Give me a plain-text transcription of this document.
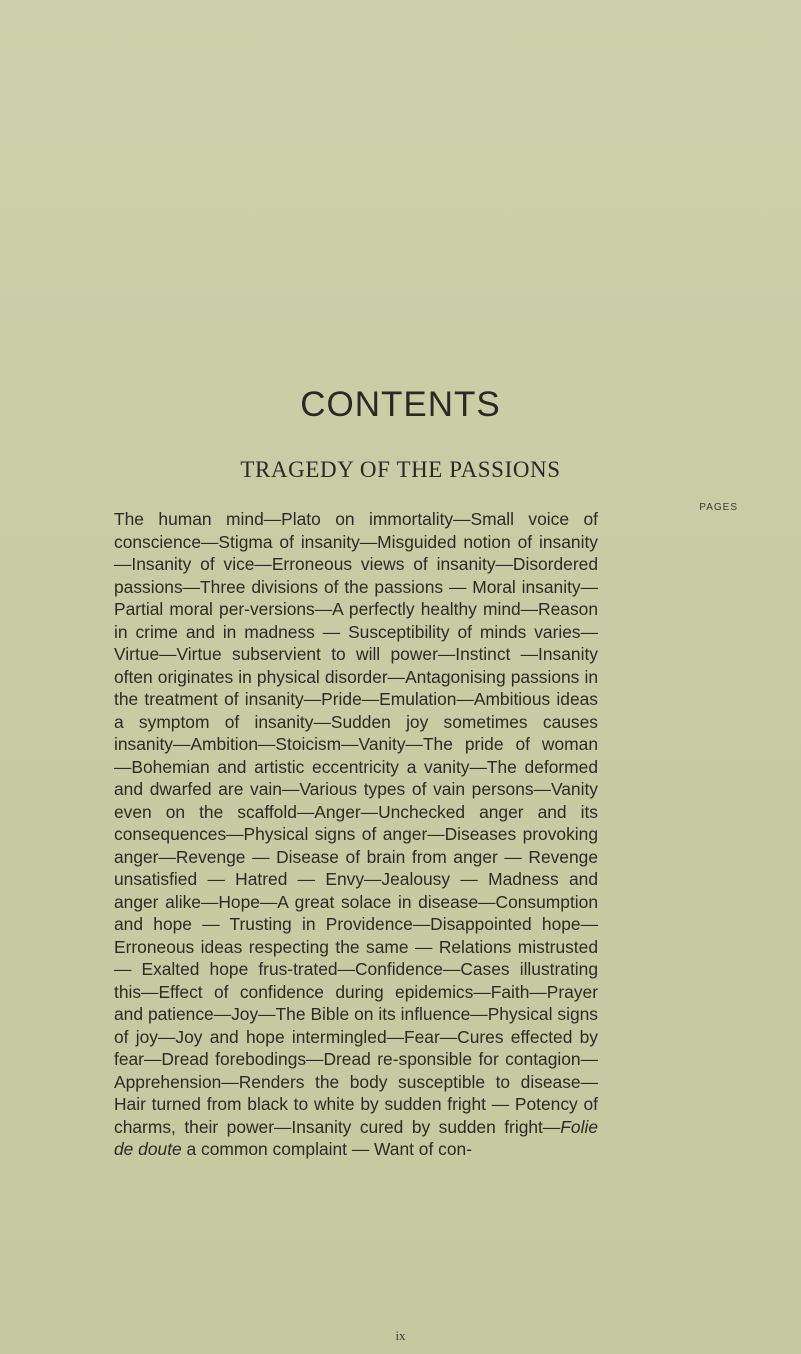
CONTENTS
TRAGEDY OF THE PASSIONS
PAGES
The human mind—Plato on immortality—Small voice of conscience—Stigma of insanity—Misguided notion of insanity—Insanity of vice—Erroneous views of insanity—Disordered passions—Three divisions of the passions — Moral insanity—Partial moral per-versions—A perfectly healthy mind—Reason in crime and in madness — Susceptibility of minds varies—Virtue—Virtue subservient to will power—Instinct —Insanity often originates in physical disorder—Antagonising passions in the treatment of insanity—Pride—Emulation—Ambitious ideas a symptom of insanity—Sudden joy sometimes causes insanity—Ambition—Stoicism—Vanity—The pride of woman —Bohemian and artistic eccentricity a vanity—The deformed and dwarfed are vain—Various types of vain persons—Vanity even on the scaffold—Anger—Unchecked anger and its consequences—Physical signs of anger—Diseases provoking anger—Revenge — Disease of brain from anger — Revenge unsatisfied — Hatred — Envy—Jealousy — Madness and anger alike—Hope—A great solace in disease—Consumption and hope — Trusting in Providence—Disappointed hope—Erroneous ideas respecting the same — Relations mistrusted — Exalted hope frus-trated—Confidence—Cases illustrating this—Effect of confidence during epidemics—Faith—Prayer and patience—Joy—The Bible on its influence—Physical signs of joy—Joy and hope intermingled—Fear—Cures effected by fear—Dread forebodings—Dread re-sponsible for contagion—Apprehension—Renders the body susceptible to disease—Hair turned from black to white by sudden fright — Potency of charms, their power—Insanity cured by sudden fright—Folie de doute a common complaint — Want of con-
ix
